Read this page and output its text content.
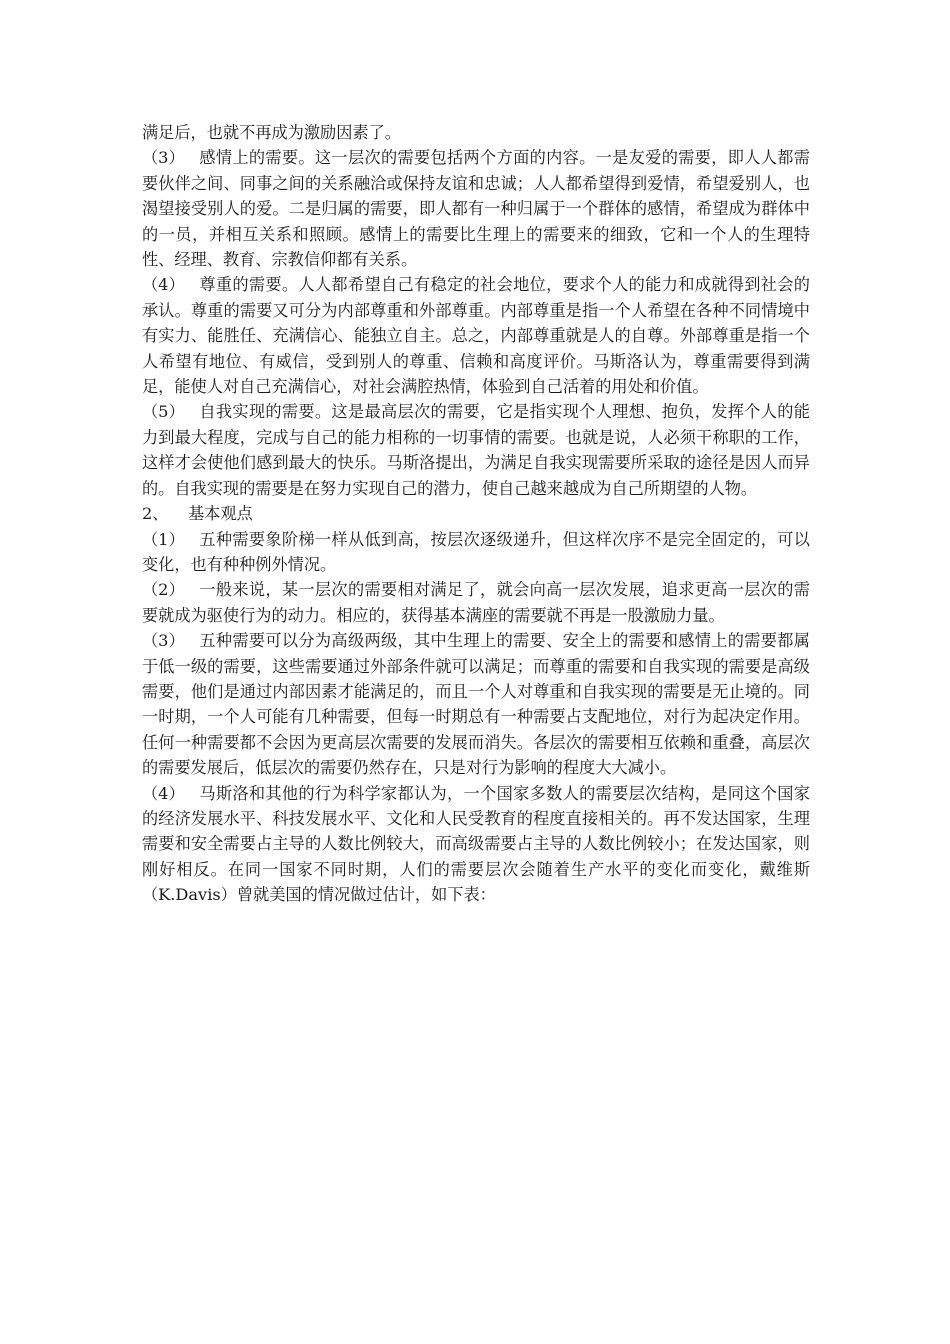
满足后，也就不再成为激励因素了。

（3） 感情上的需要。这一层次的需要包括两个方面的内容。一是友爱的需要，即人人都需要伙伴之间、同事之间的关系融洽或保持友谊和忠诚；人人都希望得到爱情，希望爱别人，也渴望接受别人的爱。二是归属的需要，即人都有一种归属于一个群体的感情，希望成为群体中的一员，并相互关系和照顾。感情上的需要比生理上的需要来的细致，它和一个人的生理特性、经理、教育、宗教信仰都有关系。

（4） 尊重的需要。人人都希望自己有稳定的社会地位，要求个人的能力和成就得到社会的承认。尊重的需要又可分为内部尊重和外部尊重。内部尊重是指一个人希望在各种不同情境中有实力、能胜任、充满信心、能独立自主。总之，内部尊重就是人的自尊。外部尊重是指一个人希望有地位、有威信，受到别人的尊重、信赖和高度评价。马斯洛认为，尊重需要得到满足，能使人对自己充满信心，对社会满腔热情，体验到自己活着的用处和价值。

（5） 自我实现的需要。这是最高层次的需要，它是指实现个人理想、抱负，发挥个人的能力到最大程度，完成与自己的能力相称的一切事情的需要。也就是说，人必须干称职的工作，这样才会使他们感到最大的快乐。马斯洛提出，为满足自我实现需要所采取的途径是因人而异的。自我实现的需要是在努力实现自己的潜力，使自己越来越成为自己所期望的人物。

2、 基本观点

（1） 五种需要象阶梯一样从低到高，按层次逐级递升，但这样次序不是完全固定的，可以变化，也有种种例外情况。

（2） 一般来说，某一层次的需要相对满足了，就会向高一层次发展，追求更高一层次的需要就成为驱使行为的动力。相应的，获得基本满座的需要就不再是一股激励力量。

（3） 五种需要可以分为高级两级，其中生理上的需要、安全上的需要和感情上的需要都属于低一级的需要，这些需要通过外部条件就可以满足；而尊重的需要和自我实现的需要是高级需要，他们是通过内部因素才能满足的，而且一个人对尊重和自我实现的需要是无止境的。同一时期，一个人可能有几种需要，但每一时期总有一种需要占支配地位，对行为起决定作用。任何一种需要都不会因为更高层次需要的发展而消失。各层次的需要相互依赖和重叠，高层次的需要发展后，低层次的需要仍然存在，只是对行为影响的程度大大减小。

（4） 马斯洛和其他的行为科学家都认为，一个国家多数人的需要层次结构，是同这个国家的经济发展水平、科技发展水平、文化和人民受教育的程度直接相关的。再不发达国家，生理需要和安全需要占主导的人数比例较大，而高级需要占主导的人数比例较小；在发达国家，则刚好相反。在同一国家不同时期，人们的需要层次会随着生产水平的变化而变化，戴维斯（K.Davis）曾就美国的情况做过估计，如下表：
